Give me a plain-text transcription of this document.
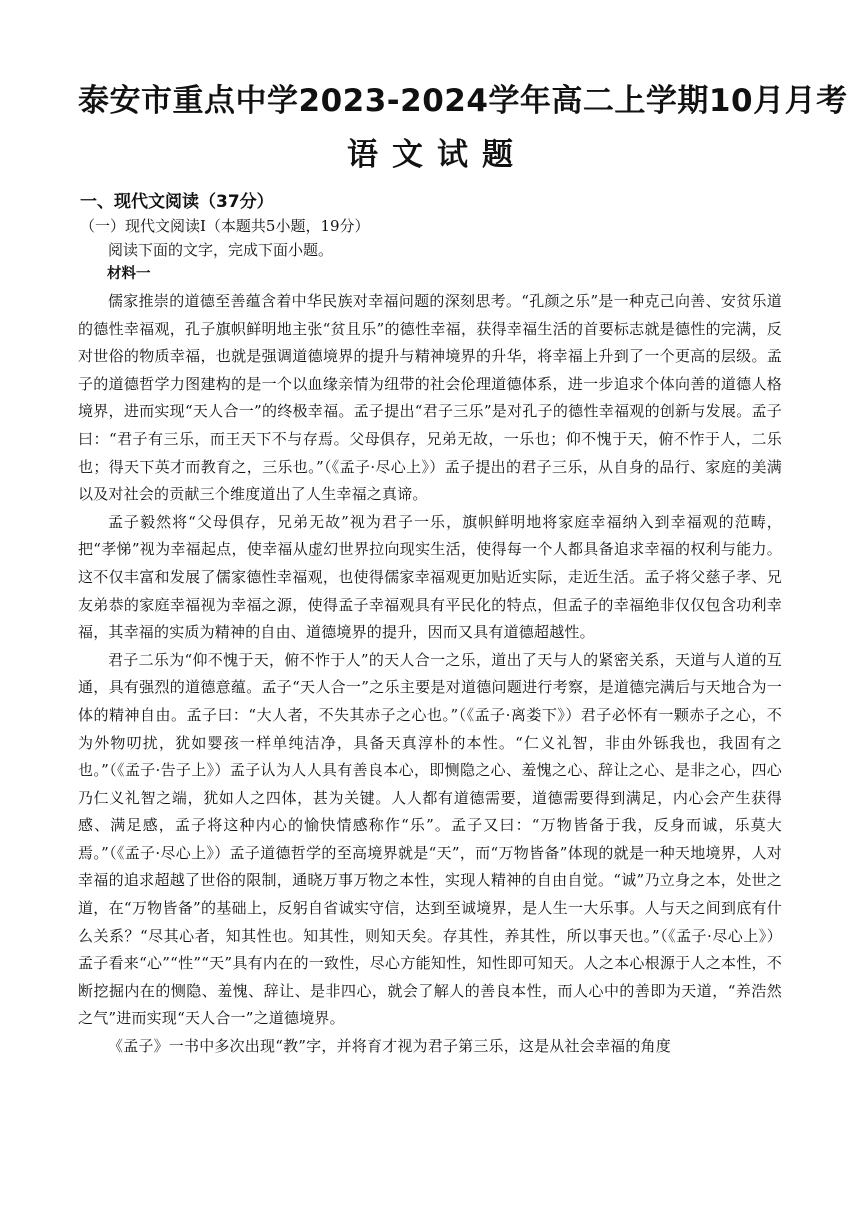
泰安市重点中学2023-2024学年高二上学期10月月考
语文试题
一、现代文阅读（37分）
（一）现代文阅读Ⅰ（本题共5小题，19分）
阅读下面的文字，完成下面小题。
材料一

儒家推崇的道德至善蕴含着中华民族对幸福问题的深刻思考。“孔颜之乐”是一种克己向善、安贫乐道的德性幸福观，孔子旗帜鲜明地主张“贫且乐”的德性幸福，获得幸福生活的首要标志就是德性的完满，反对世俗的物质幸福，也就是强调道德境界的提升与精神境界的升华，将幸福上升到了一个更高的层级。孟子的道德哲学力图建构的是一个以血缘亲情为纽带的社会伦理道德体系，进一步追求个体向善的道德人格境界，进而实现“天人合一”的终极幸福。孟子提出“君子三乐”是对孔子的德性幸福观的创新与发展。孟子曰：“君子有三乐，而王天下不与存焉。父母俱存，兄弟无故，一乐也；仰不愧于天，俯不怍于人，二乐也；得天下英才而教育之，三乐也。”（《孟子·尽心上》）孟子提出的君子三乐，从自身的品行、家庭的美满以及对社会的贡献三个维度道出了人生幸福之真谛。

孟子毅然将“父母俱存，兄弟无故”视为君子一乐，旗帜鲜明地将家庭幸福纳入到幸福观的范畴，把“孝悌”视为幸福起点，使幸福从虚幻世界拉向现实生活，使得每一个人都具备追求幸福的权利与能力。这不仅丰富和发展了儒家德性幸福观，也使得儒家幸福观更加贴近实际，走近生活。孟子将父慈子孝、兄友弟恭的家庭幸福视为幸福之源，使得孟子幸福观具有平民化的特点，但孟子的幸福绝非仅仅包含功利幸福，其幸福的实质为精神的自由、道德境界的提升，因而又具有道德超越性。

君子二乐为“仰不愧于天，俯不怍于人”的天人合一之乐，道出了天与人的紧密关系，天道与人道的互通，具有强烈的道德意蕴。孟子“天人合一”之乐主要是对道德问题进行考察，是道德完满后与天地合为一体的精神自由。孟子曰：“大人者，不失其赤子之心也。”（《孟子·离娄下》）君子必怀有一颗赤子之心，不为外物叨扰，犹如婴孩一样单纯洁净，具备天真淳朴的本性。“仁义礼智，非由外铄我也，我固有之也。”（《孟子·告子上》）孟子认为人人具有善良本心，即恻隐之心、羞愧之心、辞让之心、是非之心，四心乃仁义礼智之端，犹如人之四体，甚为关键。人人都有道德需要，道德需要得到满足，内心会产生获得感、满足感，孟子将这种内心的愉快情感称作“乐”。孟子又曰：“万物皆备于我，反身而诚，乐莫大焉。”（《孟子·尽心上》）孟子道德哲学的至高境界就是“天”，而“万物皆备”体现的就是一种天地境界，人对幸福的追求超越了世俗的限制，通晓万事万物之本性，实现人精神的自由自觉。“诚”乃立身之本，处世之道，在“万物皆备”的基础上，反躬自省诚实守信，达到至诚境界，是人生一大乐事。人与天之间到底有什么关系？“尽其心者，知其性也。知其性，则知天矣。存其性，养其性，所以事天也。”（《孟子·尽心上》）孟子看来“心”“性”“天”具有内在的一致性，尽心方能知性，知性即可知天。人之本心根源于人之本性，不断挖掘内在的恻隐、羞愧、辞让、是非四心，就会了解人的善良本性，而人心中的善即为天道，“养浩然之气”进而实现“天人合一”之道德境界。

《孟子》一书中多次出现“教”字，并将育才视为君子第三乐，这是从社会幸福的角度
